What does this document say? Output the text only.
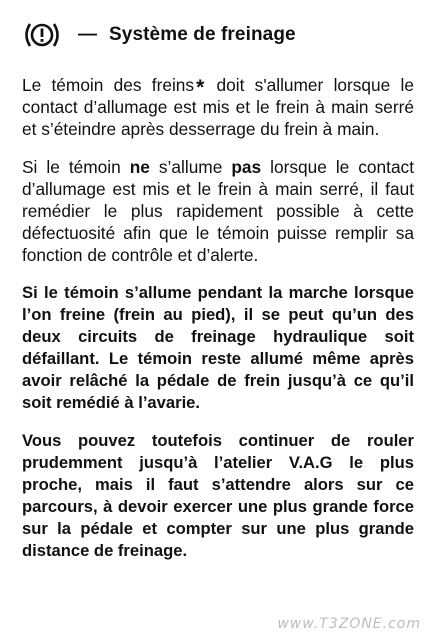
— Système de freinage

Le témoin des freins* doit s'allumer lorsque le contact d’allumage est mis et le frein à main serré et s’éteindre après desserrage du frein à main.

Si le témoin ne s’allume pas lorsque le contact d’allumage est mis et le frein à main serré, il faut remédier le plus rapidement possible à cette défectuosité afin que le témoin puisse remplir sa fonction de contrôle et d’alerte.

Si le témoin s’allume pendant la marche lorsque l’on freine (frein au pied), il se peut qu’un des deux circuits de freinage hydraulique soit défaillant. Le témoin reste allumé même après avoir relâché la pédale de frein jusqu’à ce qu’il soit remédié à l’avarie.

Vous pouvez toutefois continuer de rouler prudemment jusqu’à l’atelier V.A.G le plus proche, mais il faut s’attendre alors sur ce parcours, à devoir exercer une plus grande force sur la pédale et compter sur une plus grande distance de freinage.

www.T3ZONE.com
